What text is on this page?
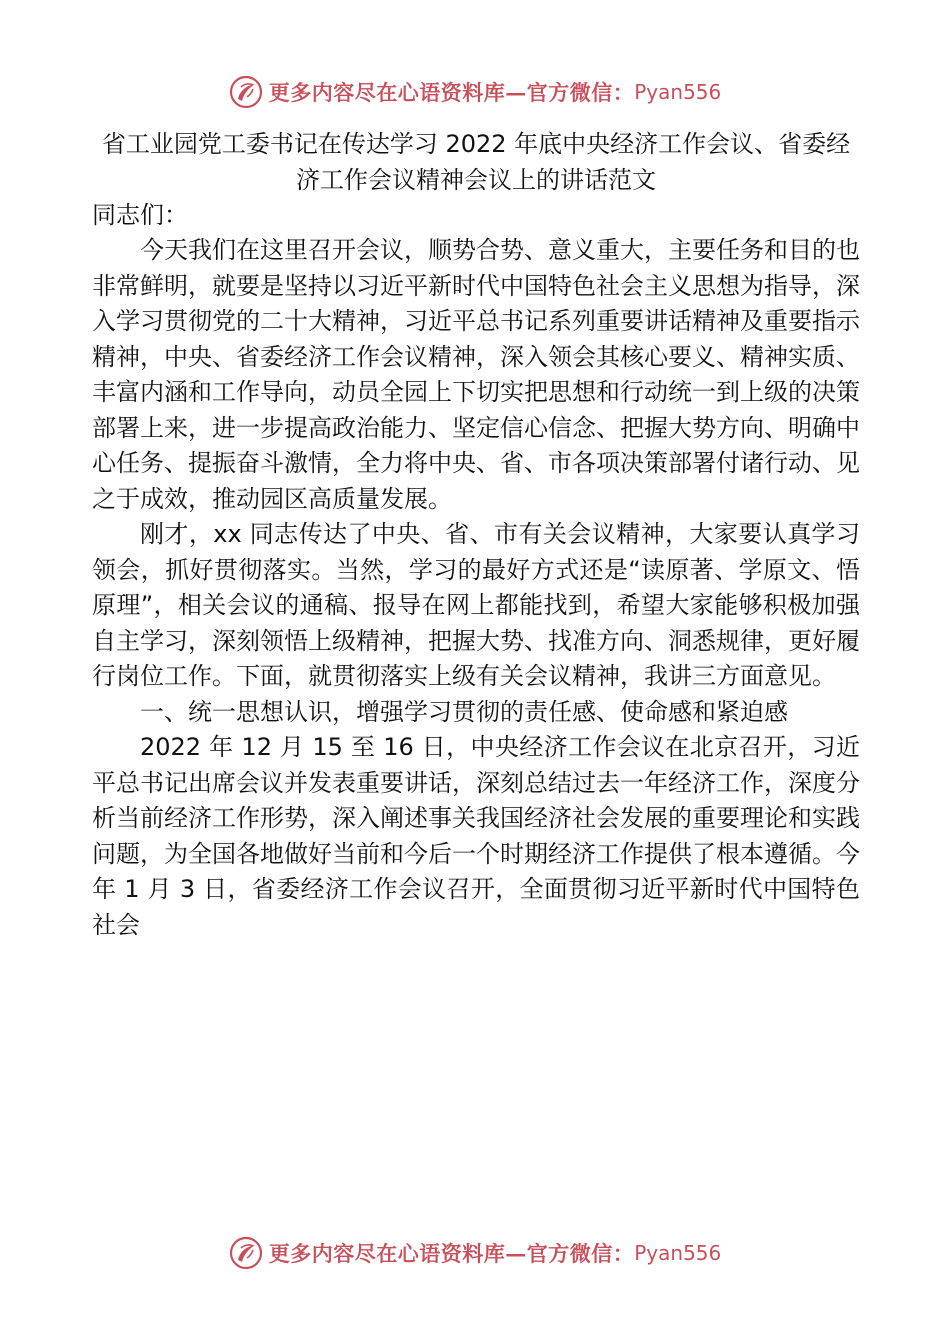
更多内容尽在心语资料库—官方微信： Pyan556
省工业园党工委书记在传达学习 2022 年底中央经济工作会议、省委经济工作会议精神会议上的讲话范文

同志们：

今天我们在这里召开会议，顺势合势、意义重大，主要任务和目的也非常鲜明，就要是坚持以习近平新时代中国特色社会主义思想为指导，深入学习贯彻党的二十大精神，习近平总书记系列重要讲话精神及重要指示精神，中央、省委经济工作会议精神，深入领会其核心要义、精神实质、丰富内涵和工作导向，动员全园上下切实把思想和行动统一到上级的决策部署上来，进一步提高政治能力、坚定信心信念、把握大势方向、明确中心任务、提振奋斗激情，全力将中央、省、市各项决策部署付诸行动、见之于成效，推动园区高质量发展。

刚才，xx 同志传达了中央、省、市有关会议精神，大家要认真学习领会，抓好贯彻落实。当然，学习的最好方式还是“读原著、学原文、悟原理”，相关会议的通稿、报导在网上都能找到，希望大家能够积极加强自主学习，深刻领悟上级精神，把握大势、找准方向、洞悉规律，更好履行岗位工作。下面，就贯彻落实上级有关会议精神，我讲三方面意见。

一、统一思想认识，增强学习贯彻的责任感、使命感和紧迫感

2022 年 12 月 15 至 16 日，中央经济工作会议在北京召开，习近平总书记出席会议并发表重要讲话，深刻总结过去一年经济工作，深度分析当前经济工作形势，深入阐述事关我国经济社会发展的重要理论和实践问题，为全国各地做好当前和今后一个时期经济工作提供了根本遵循。今年 1 月 3 日，省委经济工作会议召开，全面贯彻习近平新时代中国特色社会

更多内容尽在心语资料库—官方微信： Pyan556
